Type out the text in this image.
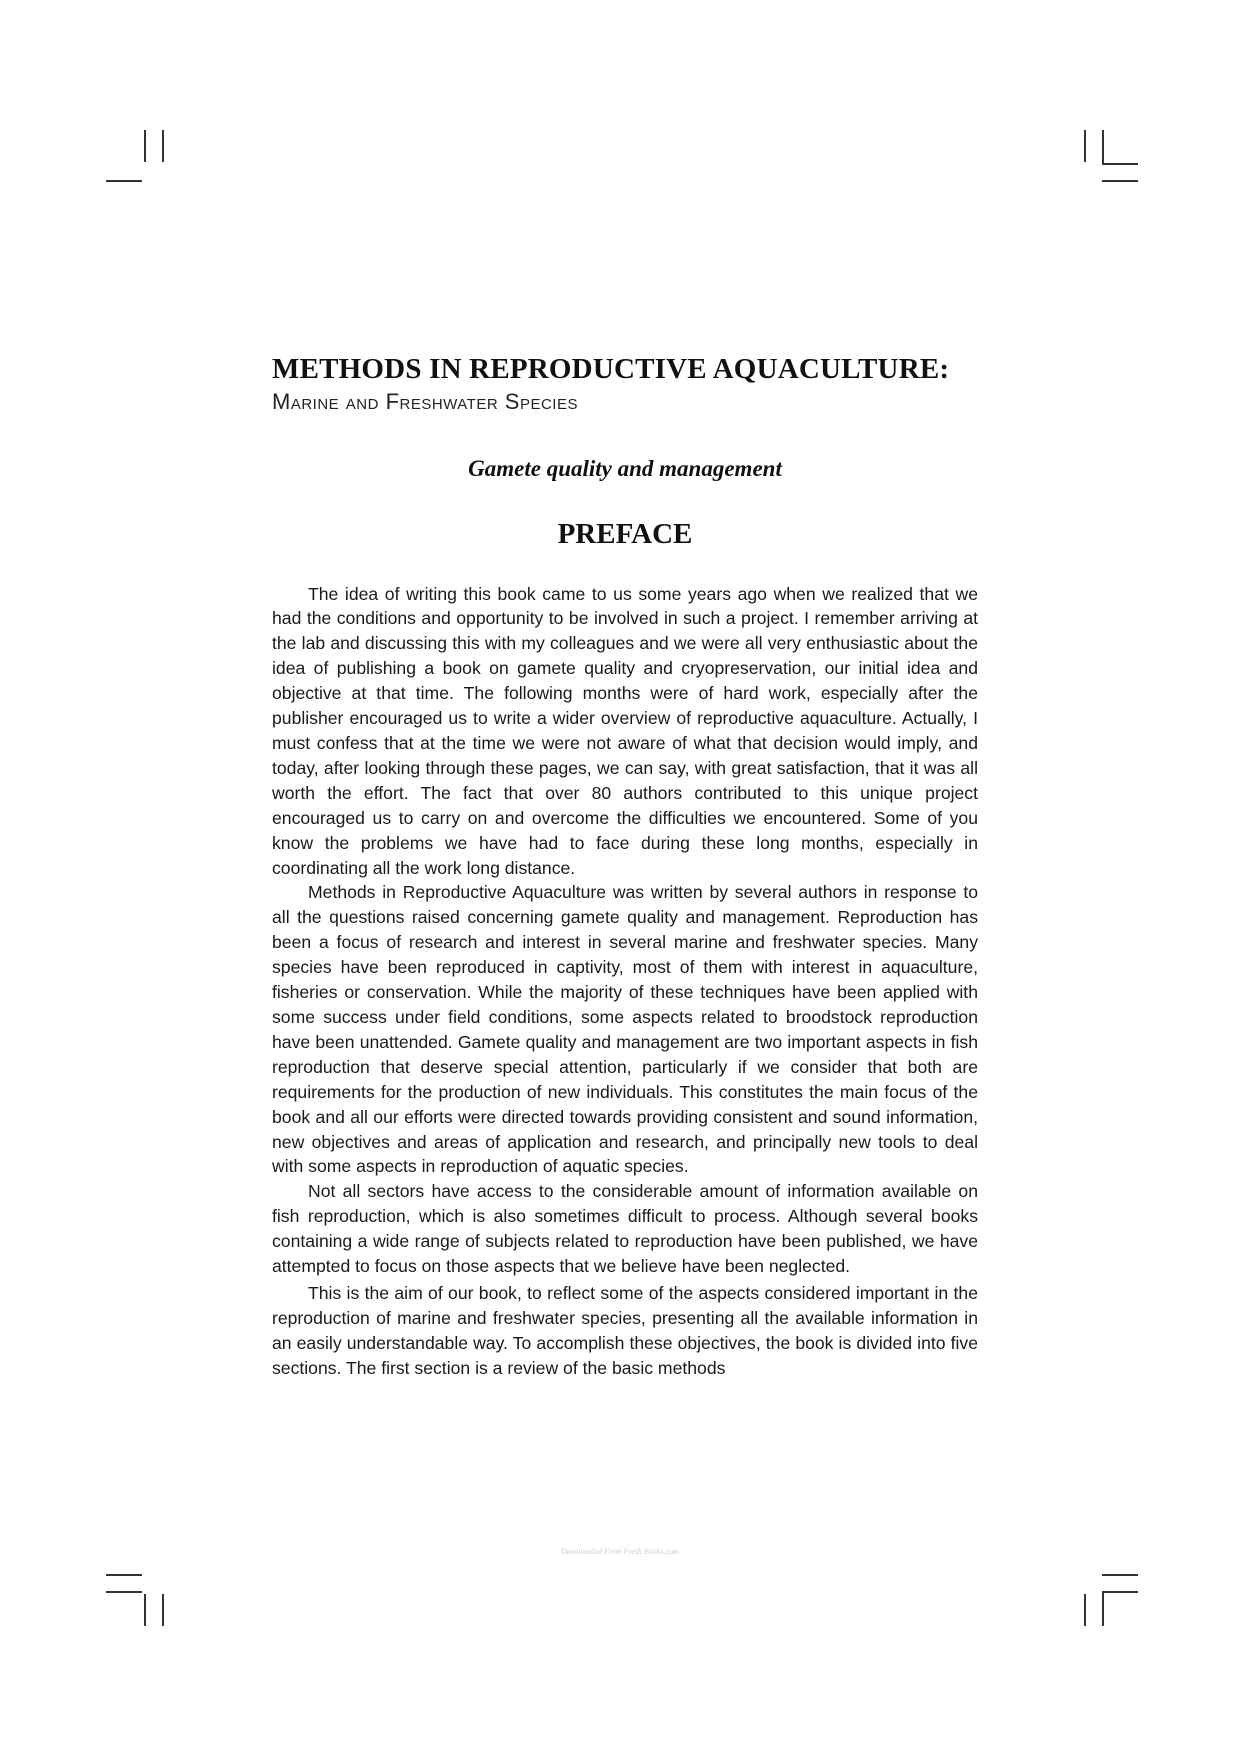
METHODS IN REPRODUCTIVE AQUACULTURE:
Marine and Freshwater Species
Gamete quality and management
PREFACE

The idea of writing this book came to us some years ago when we realized that we had the conditions and opportunity to be involved in such a project. I remember arriving at the lab and discussing this with my colleagues and we were all very enthusiastic about the idea of publishing a book on gamete quality and cryopreservation, our initial idea and objective at that time. The following months were of hard work, especially after the publisher encouraged us to write a wider overview of reproductive aquaculture. Actually, I must confess that at the time we were not aware of what that decision would imply, and today, after looking through these pages, we can say, with great satisfaction, that it was all worth the effort. The fact that over 80 authors contributed to this unique project encouraged us to carry on and overcome the difficulties we encountered. Some of you know the problems we have had to face during these long months, especially in coordinating all the work long distance.

Methods in Reproductive Aquaculture was written by several authors in response to all the questions raised concerning gamete quality and management. Reproduction has been a focus of research and interest in several marine and freshwater species. Many species have been reproduced in captivity, most of them with interest in aquaculture, fisheries or conservation. While the majority of these techniques have been applied with some success under field conditions, some aspects related to broodstock reproduction have been unattended. Gamete quality and management are two important aspects in fish reproduction that deserve special attention, particularly if we consider that both are requirements for the production of new individuals. This constitutes the main focus of the book and all our efforts were directed towards providing consistent and sound information, new objectives and areas of application and research, and principally new tools to deal with some aspects in reproduction of aquatic species.

Not all sectors have access to the considerable amount of information available on fish reproduction, which is also sometimes difficult to process. Although several books containing a wide range of subjects related to reproduction have been published, we have attempted to focus on those aspects that we believe have been neglected.

This is the aim of our book, to reflect some of the aspects considered important in the reproduction of marine and freshwater species, presenting all the available information in an easily understandable way. To accomplish these objectives, the book is divided into five sections. The first section is a review of the basic methods

Downloaded From Fresh Books.com
